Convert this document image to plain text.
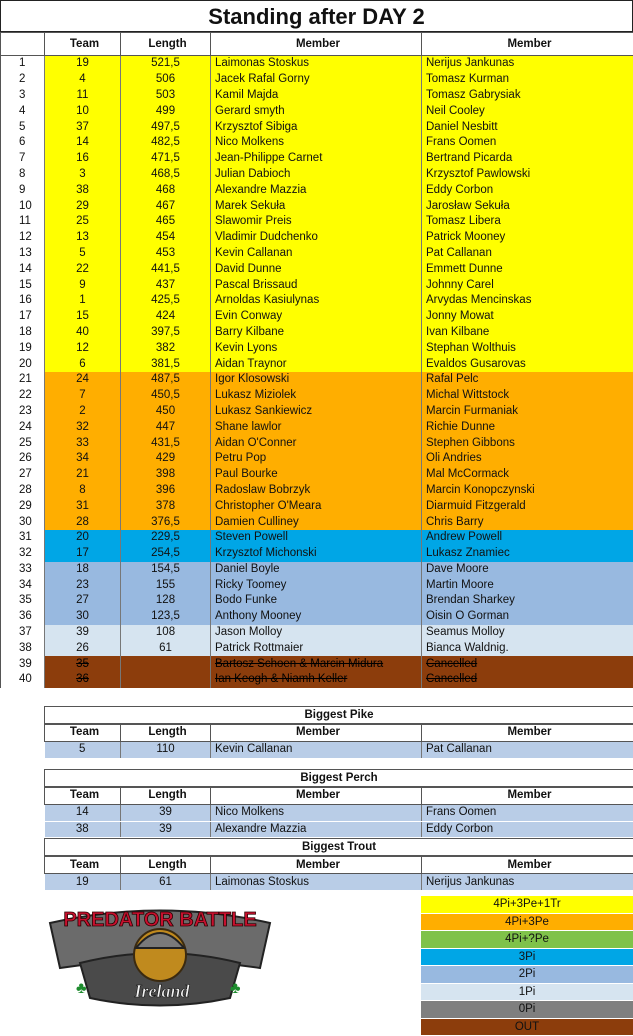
Standing after DAY 2
	Team	Length	Member	Member
1	19	521,5	Laimonas Stoskus	Nerijus Jankunas
2	4	506	Jacek Rafal Gorny	Tomasz Kurman
3	11	503	Kamil Majda	Tomasz Gabrysiak
4	10	499	Gerard smyth	Neil Cooley
5	37	497,5	Krzysztof Sibiga	Daniel Nesbitt
6	14	482,5	Nico Molkens	Frans Oomen
7	16	471,5	Jean-Philippe Carnet	Bertrand Picarda
8	3	468,5	Julian Dabioch	Krzysztof Pawlowski
9	38	468	Alexandre Mazzia	Eddy Corbon
10	29	467	Marek Sekuła	Jarosław Sekuła
11	25	465	Slawomir Preis	Tomasz Libera
12	13	454	Vladimir Dudchenko	Patrick Mooney
13	5	453	Kevin Callanan	Pat Callanan
14	22	441,5	David Dunne	Emmett Dunne
15	9	437	Pascal Brissaud	Johnny Carel
16	1	425,5	Arnoldas Kasiulynas	Arvydas Mencinskas
17	15	424	Evin Conway	Jonny Mowat
18	40	397,5	Barry Kilbane	Ivan Kilbane
19	12	382	Kevin Lyons	Stephan Wolthuis
20	6	381,5	Aidan Traynor	Evaldos Gusarovas
21	24	487,5	Igor Klosowski	Rafal Pelc
22	7	450,5	Lukasz Miziolek	Michal Wittstock
23	2	450	Lukasz Sankiewicz	Marcin Furmaniak
24	32	447	Shane lawlor	Richie Dunne
25	33	431,5	Aidan O'Conner	Stephen Gibbons
26	34	429	Petru Pop	Oli Andries
27	21	398	Paul Bourke	Mal McCormack
28	8	396	Radoslaw Bobrzyk	Marcin Konopczynski
29	31	378	Christopher O'Meara	Diarmuid Fitzgerald
30	28	376,5	Damien Culliney	Chris Barry
31	20	229,5	Steven Powell	Andrew Powell
32	17	254,5	Krzysztof Michonski	Lukasz Znamiec
33	18	154,5	Daniel Boyle	Dave Moore
34	23	155	Ricky Toomey	Martin Moore
35	27	128	Bodo Funke	Brendan Sharkey
36	30	123,5	Anthony Mooney	Oisin O Gorman
37	39	108	Jason Molloy	Seamus Molloy
38	26	61	Patrick Rottmaier	Bianca Waldnig.
39	35		Bartosz Schoen & Marcin Midura	Cancelled
40	36		Ian Keogh & Niamh Keller	Cancelled
Biggest Pike
Team	Length	Member	Member
5	110	Kevin Callanan	Pat Callanan
Biggest Perch
Team	Length	Member	Member
14	39	Nico Molkens	Frans Oomen
38	39	Alexandre Mazzia	Eddy Corbon
Biggest Trout
Team	Length	Member	Member
19	61	Laimonas Stoskus	Nerijus Jankunas
PREDATOR BATTLE
Ireland
♣	♣
4Pi+3Pe+1Tr
4Pi+3Pe
4Pi+?Pe
3Pi
2Pi
1Pi
0Pi
OUT
